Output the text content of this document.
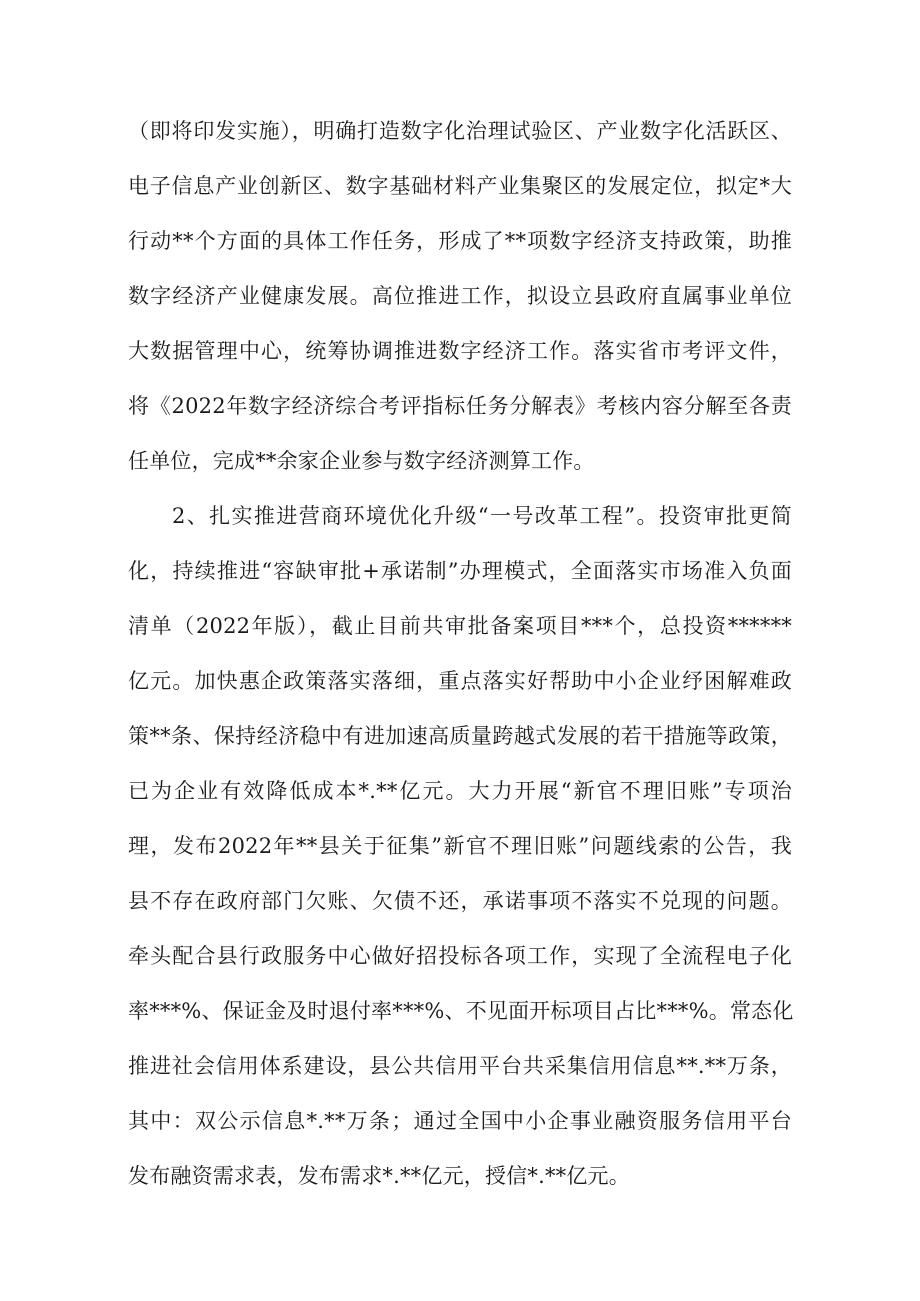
（即将印发实施），明确打造数字化治理试验区、产业数字化活跃区、
电子信息产业创新区、数字基础材料产业集聚区的发展定位，拟定*大
行动**个方面的具体工作任务，形成了**项数字经济支持政策，助推
数字经济产业健康发展。高位推进工作，拟设立县政府直属事业单位
大数据管理中心，统筹协调推进数字经济工作。落实省市考评文件，
将《2022年数字经济综合考评指标任务分解表》考核内容分解至各责
任单位，完成**余家企业参与数字经济测算工作。
2、扎实推进营商环境优化升级“一号改革工程”。投资审批更简
化，持续推进“容缺审批+承诺制”办理模式，全面落实市场准入负面
清单（2022年版），截止目前共审批备案项目***个，总投资******
亿元。加快惠企政策落实落细，重点落实好帮助中小企业纾困解难政
策**条、保持经济稳中有进加速高质量跨越式发展的若干措施等政策，
已为企业有效降低成本*.**亿元。大力开展“新官不理旧账”专项治
理，发布2022年**县关于征集”新官不理旧账”问题线索的公告，我
县不存在政府部门欠账、欠债不还，承诺事项不落实不兑现的问题。
牵头配合县行政服务中心做好招投标各项工作，实现了全流程电子化
率***%、保证金及时退付率***%、不见面开标项目占比***%。常态化
推进社会信用体系建设，县公共信用平台共采集信用信息**.**万条，
其中：双公示信息*.**万条；通过全国中小企事业融资服务信用平台
发布融资需求表，发布需求*.**亿元，授信*.**亿元。
